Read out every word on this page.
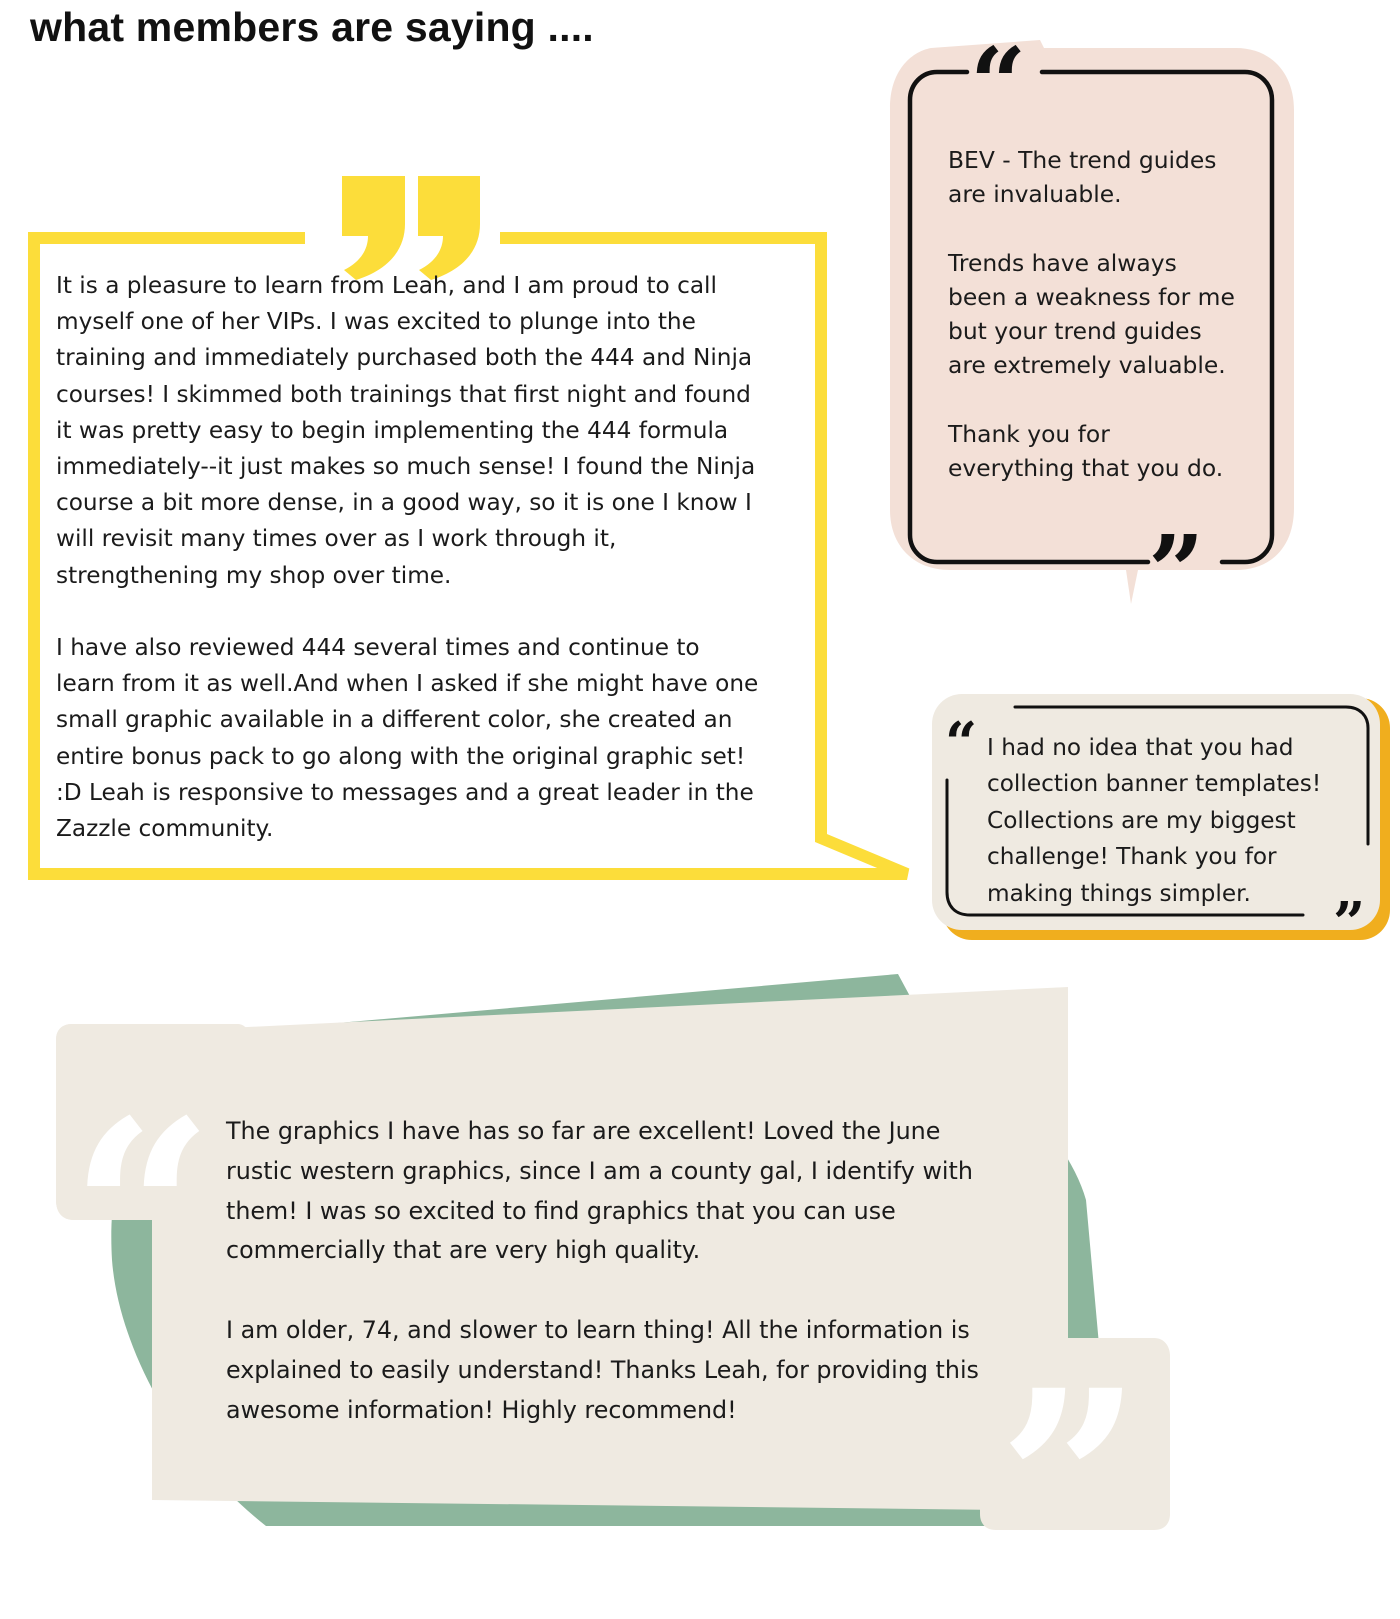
“
”
“
”
“
”
what members are saying ....

It is a pleasure to learn from Leah, and I am proud to call
myself one of her VIPs. I was excited to plunge into the
training and immediately purchased both the 444 and Ninja
courses! I skimmed both trainings that first night and found
it was pretty easy to begin implementing the 444 formula
immediately--it just makes so much sense! I found the Ninja
course a bit more dense, in a good way, so it is one I know I
will revisit many times over as I work through it,
strengthening my shop over time.

I have also reviewed 444 several times and continue to
learn from it as well.And when I asked if she might have one
small graphic available in a different color, she created an
entire bonus pack to go along with the original graphic set!
:D Leah is responsive to messages and a great leader in the
Zazzle community.

BEV - The trend guides
are invaluable.

Trends have always
been a weakness for me
but your trend guides
are extremely valuable.

Thank you for
everything that you do.

I had no idea that you had
collection banner templates!
Collections are my biggest
challenge! Thank you for
making things simpler.

The graphics I have has so far are excellent! Loved the June
rustic western graphics, since I am a county gal, I identify with
them! I was so excited to find graphics that you can use
commercially that are very high quality.

I am older, 74, and slower to learn thing! All the information is
explained to easily understand! Thanks Leah, for providing this
awesome information! Highly recommend!
